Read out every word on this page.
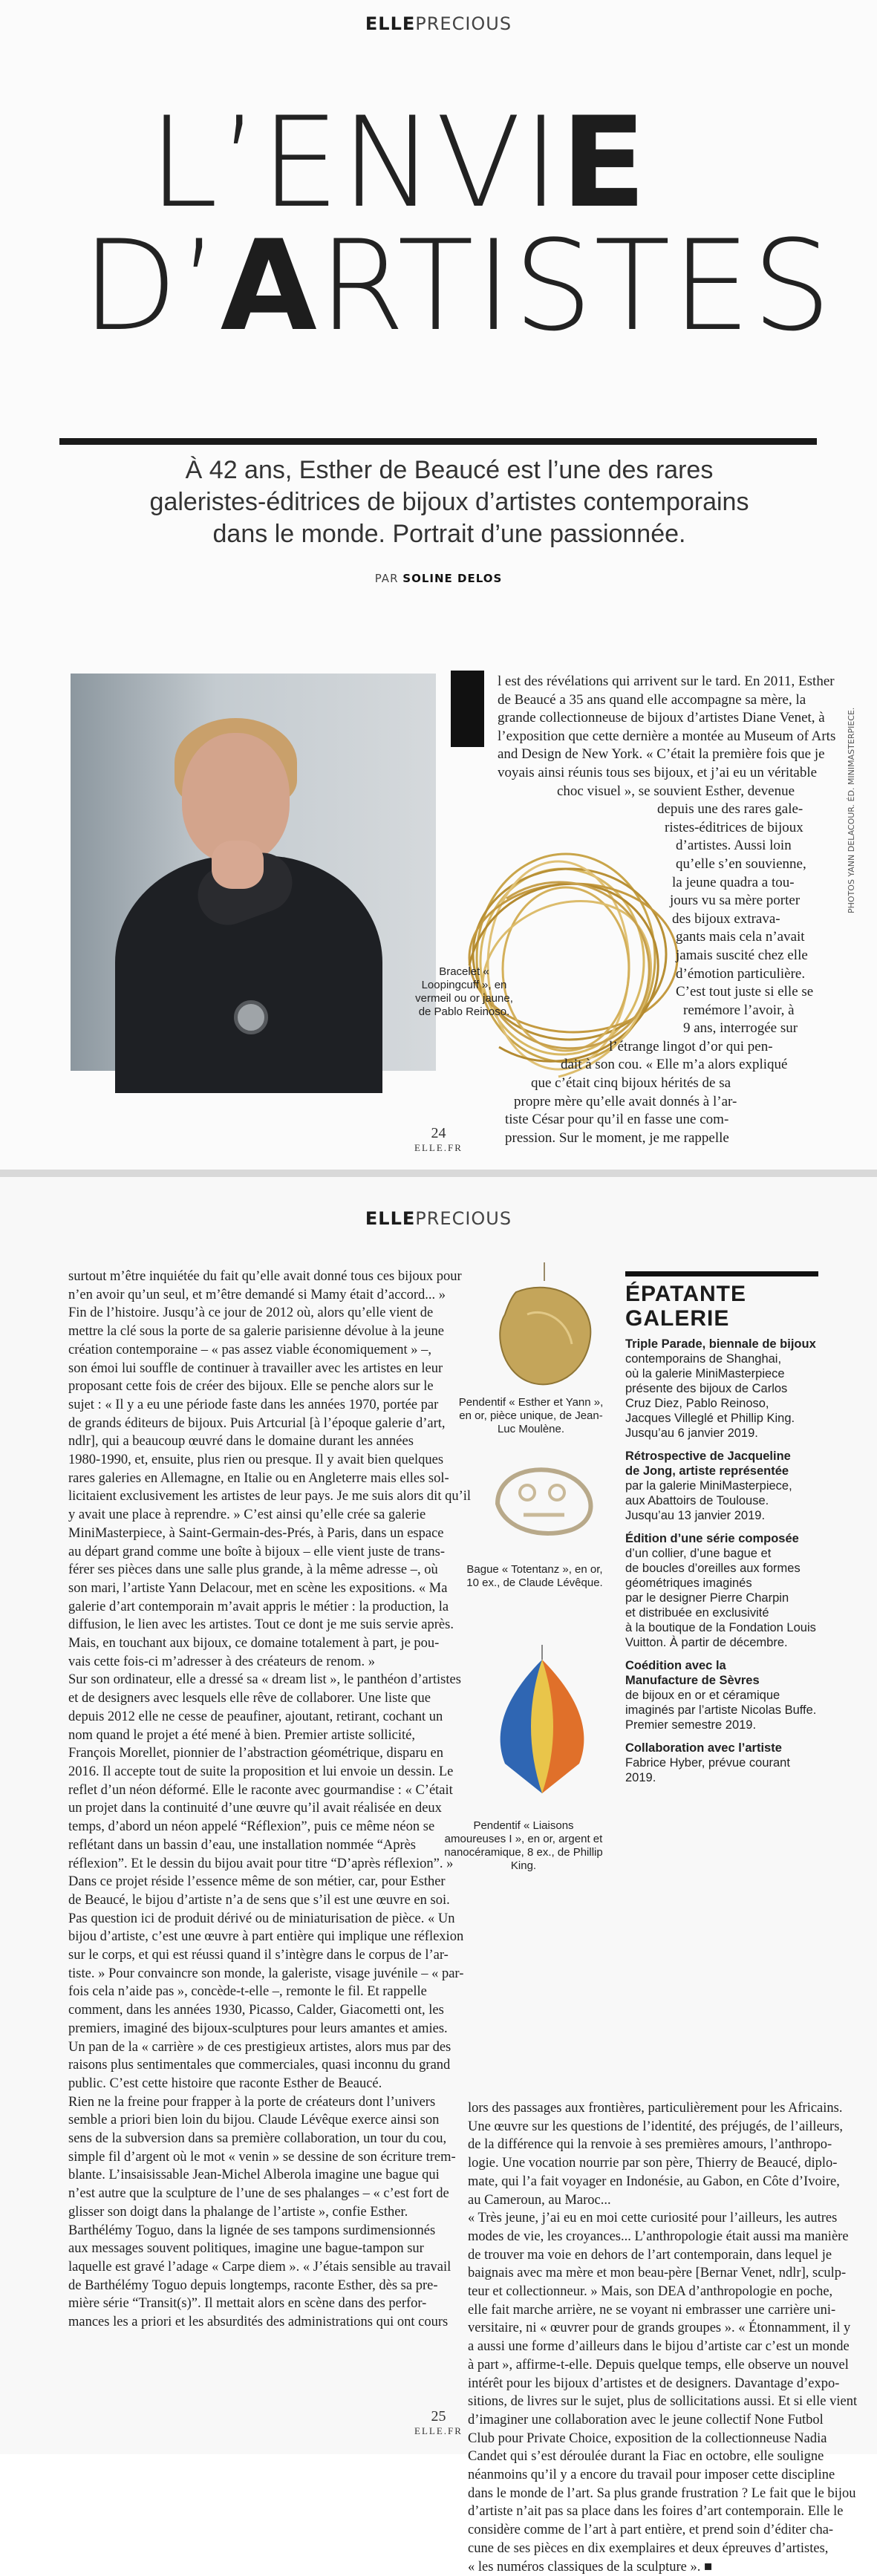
ELLEPRECIOUS
L’ENVIE
D’ARTISTES
À 42 ans, Esther de Beaucé est l’une des rares
galeristes-éditrices de bijoux d’artistes contemporains
dans le monde. Portrait d’une passionnée.
PAR SOLINE DELOS
Bracelet « Loopingcuff », en vermeil ou or jaune, de Pablo Reinoso.
l est des révélations qui arrivent sur le tard. En 2011, Esther
de Beaucé a 35 ans quand elle accompagne sa mère, la
grande collectionneuse de bijoux d’artistes Diane Venet, à
l’exposition que cette dernière a montée au Museum of Arts
and Design de New York. « C’était la première fois que je
voyais ainsi réunis tous ses bijoux, et j’ai eu un véritable
choc visuel », se souvient Esther, devenue
depuis une des rares gale-
ristes-éditrices de bijoux
d’artistes. Aussi loin
qu’elle s’en souvienne,
la jeune quadra a tou-
jours vu sa mère porter
des bijoux extrava-
gants mais cela n’avait
jamais suscité chez elle
d’émotion particulière.
C’est tout juste si elle se
remémore l’avoir, à
9 ans, interrogée sur
l’étrange lingot d’or qui pen-
dait à son cou. « Elle m’a alors expliqué
que c’était cinq bijoux hérités de sa
propre mère qu’elle avait donnés à l’ar-
tiste César pour qu’il en fasse une com-
pression. Sur le moment, je me rappelle
PHOTOS YANN DELACOUR. ÉD. MINIMASTERPIECE.
24
ELLE.FR
ELLEPRECIOUS
25
ELLE.FR
surtout m’être inquiétée du fait qu’elle avait donné tous ces bijoux pour
n’en avoir qu’un seul, et m’être demandé si Mamy était d’accord... »
Fin de l’histoire. Jusqu’à ce jour de 2012 où, alors qu’elle vient de
mettre la clé sous la porte de sa galerie parisienne dévolue à la jeune
création contemporaine – « pas assez viable économiquement » –,
son émoi lui souffle de continuer à travailler avec les artistes en leur
proposant cette fois de créer des bijoux. Elle se penche alors sur le
sujet : « Il y a eu une période faste dans les années 1970, portée par
de grands éditeurs de bijoux. Puis Artcurial [à l’époque galerie d’art,
ndlr], qui a beaucoup œuvré dans le domaine durant les années
1980-1990, et, ensuite, plus rien ou presque. Il y avait bien quelques
rares galeries en Allemagne, en Italie ou en Angleterre mais elles sol-
licitaient exclusivement les artistes de leur pays. Je me suis alors dit qu’il
y avait une place à reprendre. » C’est ainsi qu’elle crée sa galerie
MiniMasterpiece, à Saint-Germain-des-Prés, à Paris, dans un espace
au départ grand comme une boîte à bijoux – elle vient juste de trans-
férer ses pièces dans une salle plus grande, à la même adresse –, où
son mari, l’artiste Yann Delacour, met en scène les expositions. « Ma
galerie d’art contemporain m’avait appris le métier : la production, la
diffusion, le lien avec les artistes. Tout ce dont je me suis servie après.
Mais, en touchant aux bijoux, ce domaine totalement à part, je pou-
vais cette fois-ci m’adresser à des créateurs de renom. »
Sur son ordinateur, elle a dressé sa « dream list », le panthéon d’artistes
et de designers avec lesquels elle rêve de collaborer. Une liste que
depuis 2012 elle ne cesse de peaufiner, ajoutant, retirant, cochant un
nom quand le projet a été mené à bien. Premier artiste sollicité,
François Morellet, pionnier de l’abstraction géométrique, disparu en
2016. Il accepte tout de suite la proposition et lui envoie un dessin. Le
reflet d’un néon déformé. Elle le raconte avec gourmandise : « C’était
un projet dans la continuité d’une œuvre qu’il avait réalisée en deux
temps, d’abord un néon appelé “Réflexion”, puis ce même néon se
reflétant dans un bassin d’eau, une installation nommée “Après
réflexion”. Et le dessin du bijou avait pour titre “D’après réflexion”. »
Dans ce projet réside l’essence même de son métier, car, pour Esther
de Beaucé, le bijou d’artiste n’a de sens que s’il est une œuvre en soi.
Pas question ici de produit dérivé ou de miniaturisation de pièce. « Un
bijou d’artiste, c’est une œuvre à part entière qui implique une réflexion
sur le corps, et qui est réussi quand il s’intègre dans le corpus de l’ar-
tiste. » Pour convaincre son monde, la galeriste, visage juvénile – « par-
fois cela n’aide pas », concède-t-elle –, remonte le fil. Et rappelle
comment, dans les années 1930, Picasso, Calder, Giacometti ont, les
premiers, imaginé des bijoux-sculptures pour leurs amantes et amies.
Un pan de la « carrière » de ces prestigieux artistes, alors mus par des
raisons plus sentimentales que commerciales, quasi inconnu du grand
public. C’est cette histoire que raconte Esther de Beaucé.
Rien ne la freine pour frapper à la porte de créateurs dont l’univers
semble a priori bien loin du bijou. Claude Lévêque exerce ainsi son
sens de la subversion dans sa première collaboration, un tour du cou,
simple fil d’argent où le mot « venin » se dessine de son écriture trem-
blante. L’insaisissable Jean-Michel Alberola imagine une bague qui
n’est autre que la sculpture de l’une de ses phalanges – « c’est fort de
glisser son doigt dans la phalange de l’artiste », confie Esther.
Barthélémy Toguo, dans la lignée de ses tampons surdimensionnés
aux messages souvent politiques, imagine une bague-tampon sur
laquelle est gravé l’adage « Carpe diem ». « J’étais sensible au travail
de Barthélémy Toguo depuis longtemps, raconte Esther, dès sa pre-
mière série “Transit(s)”. Il mettait alors en scène dans des perfor-
mances les a priori et les absurdités des administrations qui ont cours
lors des passages aux frontières, particulièrement pour les Africains.
Une œuvre sur les questions de l’identité, des préjugés, de l’ailleurs,
de la différence qui la renvoie à ses premières amours, l’anthropo-
logie. Une vocation nourrie par son père, Thierry de Beaucé, diplo-
mate, qui l’a fait voyager en Indonésie, au Gabon, en Côte d’Ivoire,
au Cameroun, au Maroc...
« Très jeune, j’ai eu en moi cette curiosité pour l’ailleurs, les autres
modes de vie, les croyances... L’anthropologie était aussi ma manière
de trouver ma voie en dehors de l’art contemporain, dans lequel je
baignais avec ma mère et mon beau-père [Bernar Venet, ndlr], sculp-
teur et collectionneur. » Mais, son DEA d’anthropologie en poche,
elle fait marche arrière, ne se voyant ni embrasser une carrière uni-
versitaire, ni « œuvrer pour de grands groupes ». « Étonnamment, il y
a aussi une forme d’ailleurs dans le bijou d’artiste car c’est un monde
à part », affirme-t-elle. Depuis quelque temps, elle observe un nouvel
intérêt pour les bijoux d’artistes et de designers. Davantage d’expo-
sitions, de livres sur le sujet, plus de sollicitations aussi. Et si elle vient
d’imaginer une collaboration avec le jeune collectif None Futbol
Club pour Private Choice, exposition de la collectionneuse Nadia
Candet qui s’est déroulée durant la Fiac en octobre, elle souligne
néanmoins qu’il y a encore du travail pour imposer cette discipline
dans le monde de l’art. Sa plus grande frustration ? Le fait que le bijou
d’artiste n’ait pas sa place dans les foires d’art contemporain. Elle le
considère comme de l’art à part entière, et prend soin d’éditer cha-
cune de ses pièces en dix exemplaires et deux épreuves d’artistes,
« les numéros classiques de la sculpture ». ■
Pendentif « Esther et Yann », en or, pièce unique, de Jean-Luc Moulène.
Bague « Totentanz », en or, 10 ex., de Claude Lévêque.
Pendentif « Liaisons amoureuses I », en or, argent et nanocéramique, 8 ex., de Phillip King.
ÉPATANTE
GALERIE
Triple Parade, biennale de bijoux
contemporains de Shanghai,
où la galerie MiniMasterpiece
présente des bijoux de Carlos
Cruz Diez, Pablo Reinoso,
Jacques Villeglé et Phillip King.
Jusqu’au 6 janvier 2019.
Rétrospective de Jacqueline
de Jong, artiste représentée
par la galerie MiniMasterpiece,
aux Abattoirs de Toulouse.
Jusqu’au 13 janvier 2019.
Édition d’une série composée
d’un collier, d’une bague et
de boucles d’oreilles aux formes
géométriques imaginés
par le designer Pierre Charpin
et distribuée en exclusivité
à la boutique de la Fondation Louis
Vuitton. À partir de décembre.
Coédition avec la
Manufacture de Sèvres
de bijoux en or et céramique
imaginés par l’artiste Nicolas Buffe.
Premier semestre 2019.
Collaboration avec l’artiste
Fabrice Hyber, prévue courant
2019.
